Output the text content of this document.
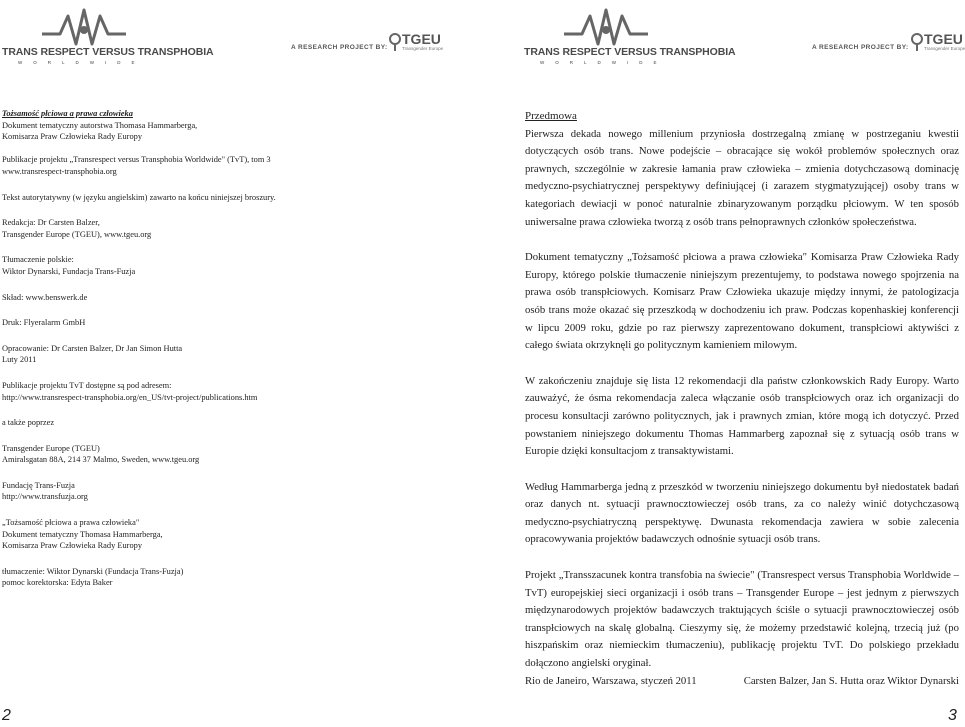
TRANS RESPECT VERSUS TRANSPHOBIA
WORLDWIDE
A RESEARCH PROJECT BY:
TGEU
Transgender Europe	TRANS RESPECT VERSUS TRANSPHOBIA
WORLDWIDE
A RESEARCH PROJECT BY:
TGEU
Transgender Europe

Tożsamość płciowa a prawa człowieka

Dokument tematyczny autorstwa Thomasa Hammarberga,

Komisarza Praw Człowieka Rady Europy

Publikacje projektu „Transrespect versus Transphobia Worldwide" (TvT), tom 3

www.transrespect-transphobia.org

Tekst autorytatywny (w języku angielskim) zawarto na końcu niniejszej broszury.

Redakcja: Dr Carsten Balzer,

Transgender Europe (TGEU), www.tgeu.org

Tłumaczenie polskie:

Wiktor Dynarski, Fundacja Trans-Fuzja

Skład: www.benswerk.de

Druk: Flyeralarm GmbH

Opracowanie: Dr Carsten Balzer, Dr Jan Simon Hutta

Luty 2011

Publikacje projektu TvT dostępne są pod adresem:

http://www.transrespect-transphobia.org/en_US/tvt-project/publications.htm

a także poprzez

Transgender Europe (TGEU)

Amiralsgatan 88A, 214 37 Malmo, Sweden, www.tgeu.org

Fundację Trans-Fuzja

http://www.transfuzja.org

„Tożsamość płciowa a prawa człowieka"

Dokument tematyczny Thomasa Hammarberga,

Komisarza Praw Człowieka Rady Europy

tłumaczenie: Wiktor Dynarski (Fundacja Trans-Fuzja)

pomoc korektorska: Edyta Baker

Przedmowa

Pierwsza dekada nowego millenium przyniosła dostrzegalną zmianę w postrzeganiu kwestii dotyczących osób trans. Nowe podejście – obracające się wokół problemów społecznych oraz prawnych, szczególnie w zakresie łamania praw człowieka – zmienia dotychczasową dominację medyczno-psychiatrycznej perspektywy definiującej (i zarazem stygmatyzującej) osoby trans w kategoriach dewiacji w ponoć naturalnie zbinaryzowanym porządku płciowym. W ten sposób uniwersalne prawa człowieka tworzą z osób trans pełnoprawnych członków społeczeństwa.

Dokument tematyczny „Tożsamość płciowa a prawa człowieka" Komisarza Praw Człowieka Rady Europy, którego polskie tłumaczenie niniejszym prezentujemy, to podstawa nowego spojrzenia na prawa osób transpłciowych. Komisarz Praw Człowieka ukazuje między innymi, że patologizacja osób trans może okazać się przeszkodą w dochodzeniu ich praw. Podczas kopenhaskiej konferencji w lipcu 2009 roku, gdzie po raz pierwszy zaprezentowano dokument, transpłciowi aktywiści z całego świata okrzyknęli go politycznym kamieniem milowym.

W zakończeniu znajduje się lista 12 rekomendacji dla państw członkowskich Rady Europy. Warto zauważyć, że ósma rekomendacja zaleca włączanie osób transpłciowych oraz ich organizacji do procesu konsultacji zarówno politycznych, jak i prawnych zmian, które mogą ich dotyczyć. Przed powstaniem niniejszego dokumentu Thomas Hammarberg zapoznał się z sytuacją osób trans w Europie dzięki konsultacjom z transaktywistami.

Według Hammarberga jedną z przeszkód w tworzeniu niniejszego dokumentu był niedostatek badań oraz danych nt. sytuacji prawnocztowieczej osób trans, za co należy winić dotychczasową medyczno-psychiatryczną perspektywę. Dwunasta rekomendacja zawiera w sobie zalecenia opracowywania projektów badawczych odnośnie sytuacji osób trans.

Projekt „Transszacunek kontra transfobia na świecie" (Transrespect versus Transphobia Worldwide – TvT) europejskiej sieci organizacji i osób trans – Transgender Europe – jest jednym z pierwszych międzynarodowych projektów badawczych traktujących ściśle o sytuacji prawnocztowieczej osób transpłciowych na skalę globalną. Cieszymy się, że możemy przedstawić kolejną, trzecią już (po hiszpańskim oraz niemieckim tłumaczeniu), publikację projektu TvT. Do polskiego przekładu dołączono angielski oryginał.

Rio de Janeiro, Warszawa, styczeń 2011	Carsten Balzer, Jan S. Hutta oraz Wiktor Dynarski
2	3
